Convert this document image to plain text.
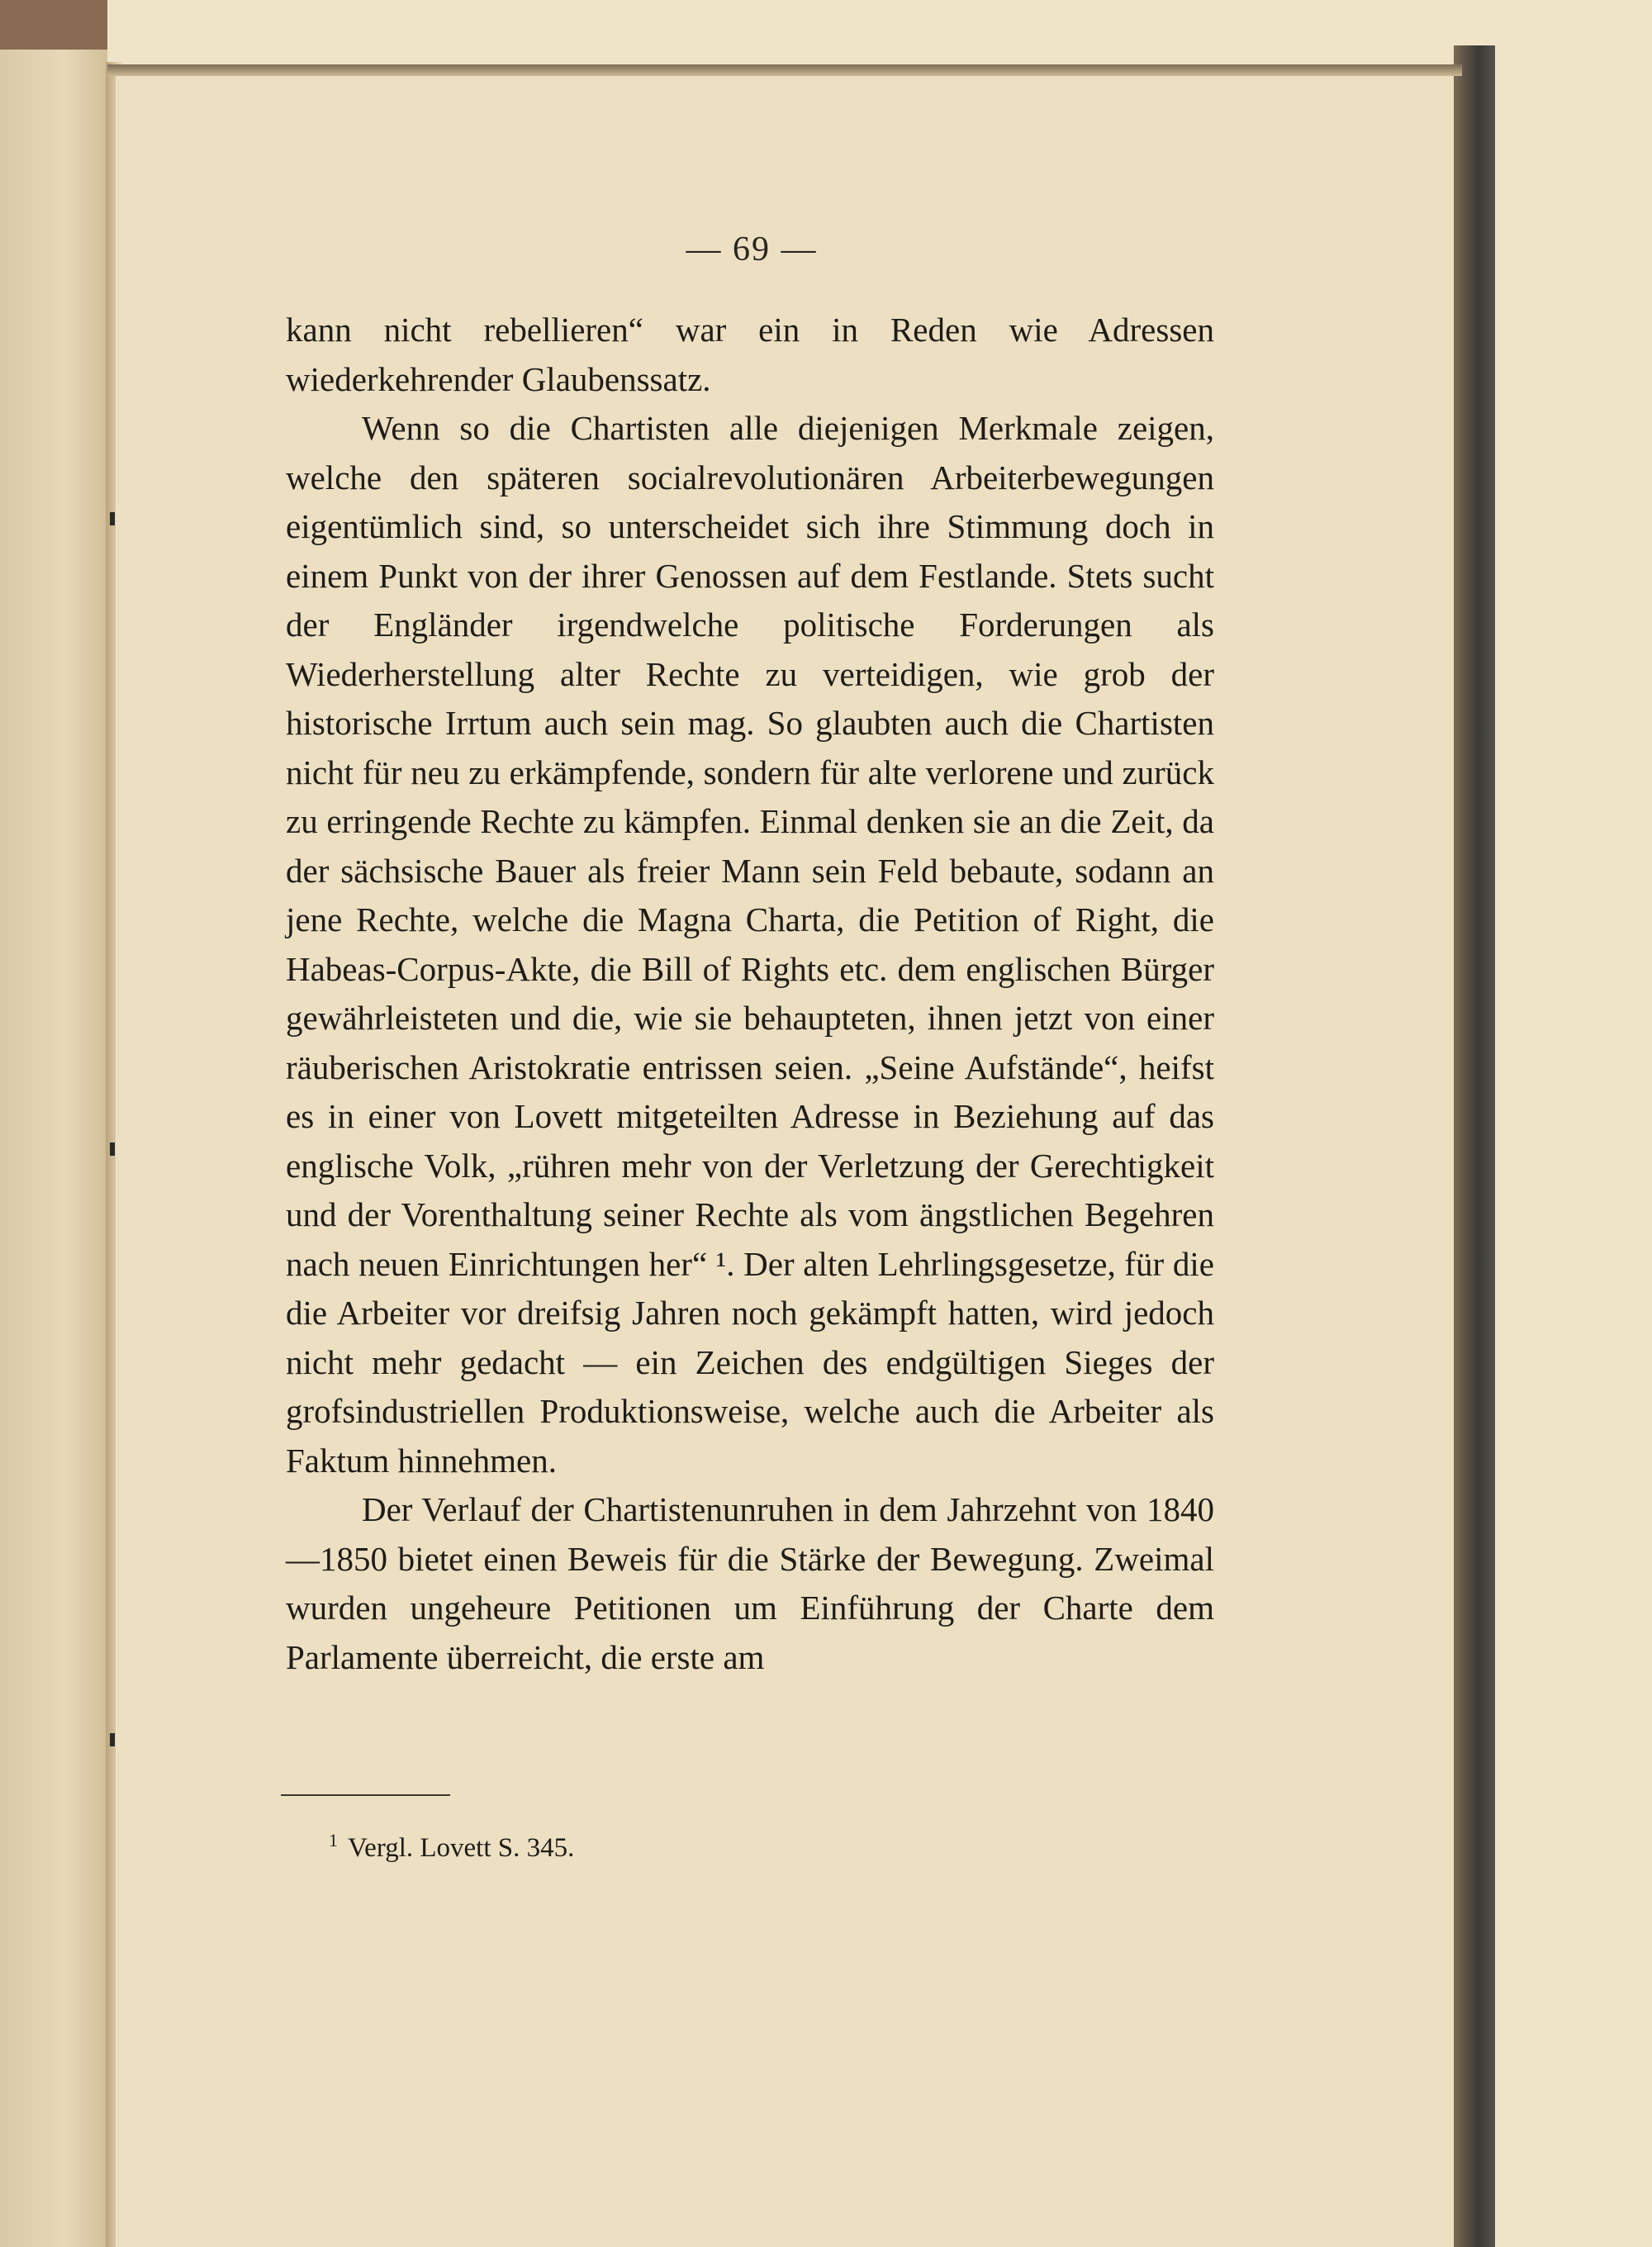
— 69 —

kann nicht rebellieren“ war ein in Reden wie Adressen wiederkehrender Glaubenssatz.

Wenn so die Chartisten alle diejenigen Merkmale zeigen, welche den späteren socialrevolutionären Arbeiterbewegungen eigentümlich sind, so unterscheidet sich ihre Stimmung doch in einem Punkt von der ihrer Genossen auf dem Festlande. Stets sucht der Engländer irgendwelche politische Forderungen als Wiederherstellung alter Rechte zu verteidigen, wie grob der historische Irrtum auch sein mag. So glaubten auch die Chartisten nicht für neu zu erkämpfende, sondern für alte verlorene und zurück zu erringende Rechte zu kämpfen. Einmal denken sie an die Zeit, da der sächsische Bauer als freier Mann sein Feld bebaute, sodann an jene Rechte, welche die Magna Charta, die Petition of Right, die Habeas-Corpus-Akte, die Bill of Rights etc. dem englischen Bürger gewährleisteten und die, wie sie behaupteten, ihnen jetzt von einer räuberischen Aristokratie entrissen seien. „Seine Aufstände“, heifst es in einer von Lovett mitgeteilten Adresse in Beziehung auf das englische Volk, „rühren mehr von der Verletzung der Gerechtigkeit und der Vorenthaltung seiner Rechte als vom ängstlichen Begehren nach neuen Einrichtungen her“ ¹. Der alten Lehrlingsgesetze, für die die Arbeiter vor dreifsig Jahren noch gekämpft hatten, wird jedoch nicht mehr gedacht — ein Zeichen des endgültigen Sieges der grofsindustriellen Produktionsweise, welche auch die Arbeiter als Faktum hinnehmen.

Der Verlauf der Chartistenunruhen in dem Jahrzehnt von 1840—1850 bietet einen Beweis für die Stärke der Bewegung. Zweimal wurden ungeheure Petitionen um Einführung der Charte dem Parlamente überreicht, die erste am

$^1$ Vergl. Lovett S. 345.
